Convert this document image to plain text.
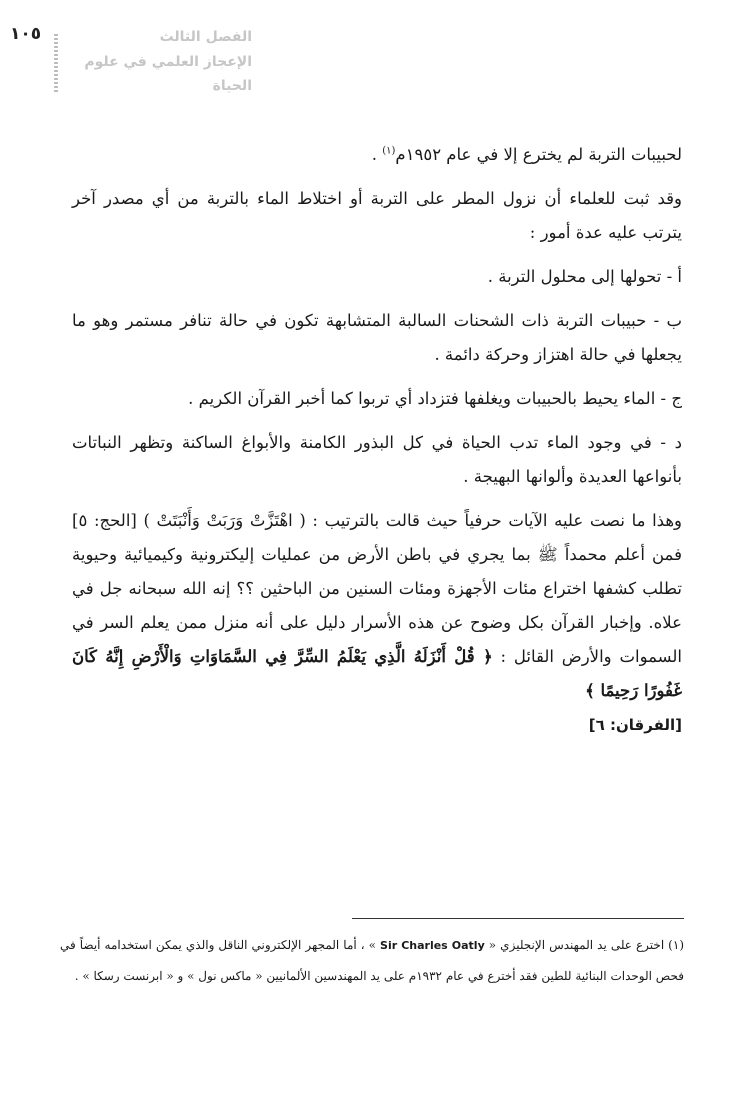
١٠٥	الفصل الثالث
الإعجاز العلمي في علوم الحياة

لحبيبات التربة لم يخترع إلا في عام ١٩٥٢م$^{(١)}$ .

وقد ثبت للعلماء أن نزول المطر على التربة أو اختلاط الماء بالتربة من أي مصدر آخر يترتب عليه عدة أمور :

أ - تحولها إلى محلول التربة .

ب - حبيبات التربة ذات الشحنات السالبة المتشابهة تكون في حالة تنافر مستمر وهو ما يجعلها في حالة اهتزاز وحركة دائمة .

ج - الماء يحيط بالحبيبات ويغلفها فتزداد أي تربوا كما أخبر القرآن الكريم .

د - في وجود الماء تدب الحياة في كل البذور الكامنة والأبواغ الساكنة وتظهر النباتات بأنواعها العديدة وألوانها البهيجة .

وهذا ما نصت عليه الآيات حرفياً حيث قالت بالترتيب : ( اهْتَزَّتْ وَرَبَتْ وَأَنْبَتَتْ ) [الحج: ٥] فمن أعلم محمداً ﷺ بما يجري في باطن الأرض من عمليات إليكترونية وكيميائية وحيوية تطلب كشفها اختراع مئات الأجهزة ومئات السنين من الباحثين ؟؟ إنه الله سبحانه جل في علاه. وإخبار القرآن بكل وضوح عن هذه الأسرار دليل على أنه منزل ممن يعلم السر في السموات والأرض القائل : ﴿ قُلْ أَنْزَلَهُ الَّذِي يَعْلَمُ السِّرَّ فِي السَّمَاوَاتِ وَالْأَرْضِ إِنَّهُ كَانَ غَفُورًا رَحِيمًا ﴾

[الفرقان: ٦]

(١) اخترع على يد المهندس الإنجليزي « Sir Charles Oatly » ، أما المجهر الإلكتروني الناقل والذي يمكن استخدامه أيضاً في فحص الوحدات البنائية للطين فقد أخترع في عام ١٩٣٢م على يد المهندسين الألمانيين « ماكس نول » و « ابرنست رسكا » .
